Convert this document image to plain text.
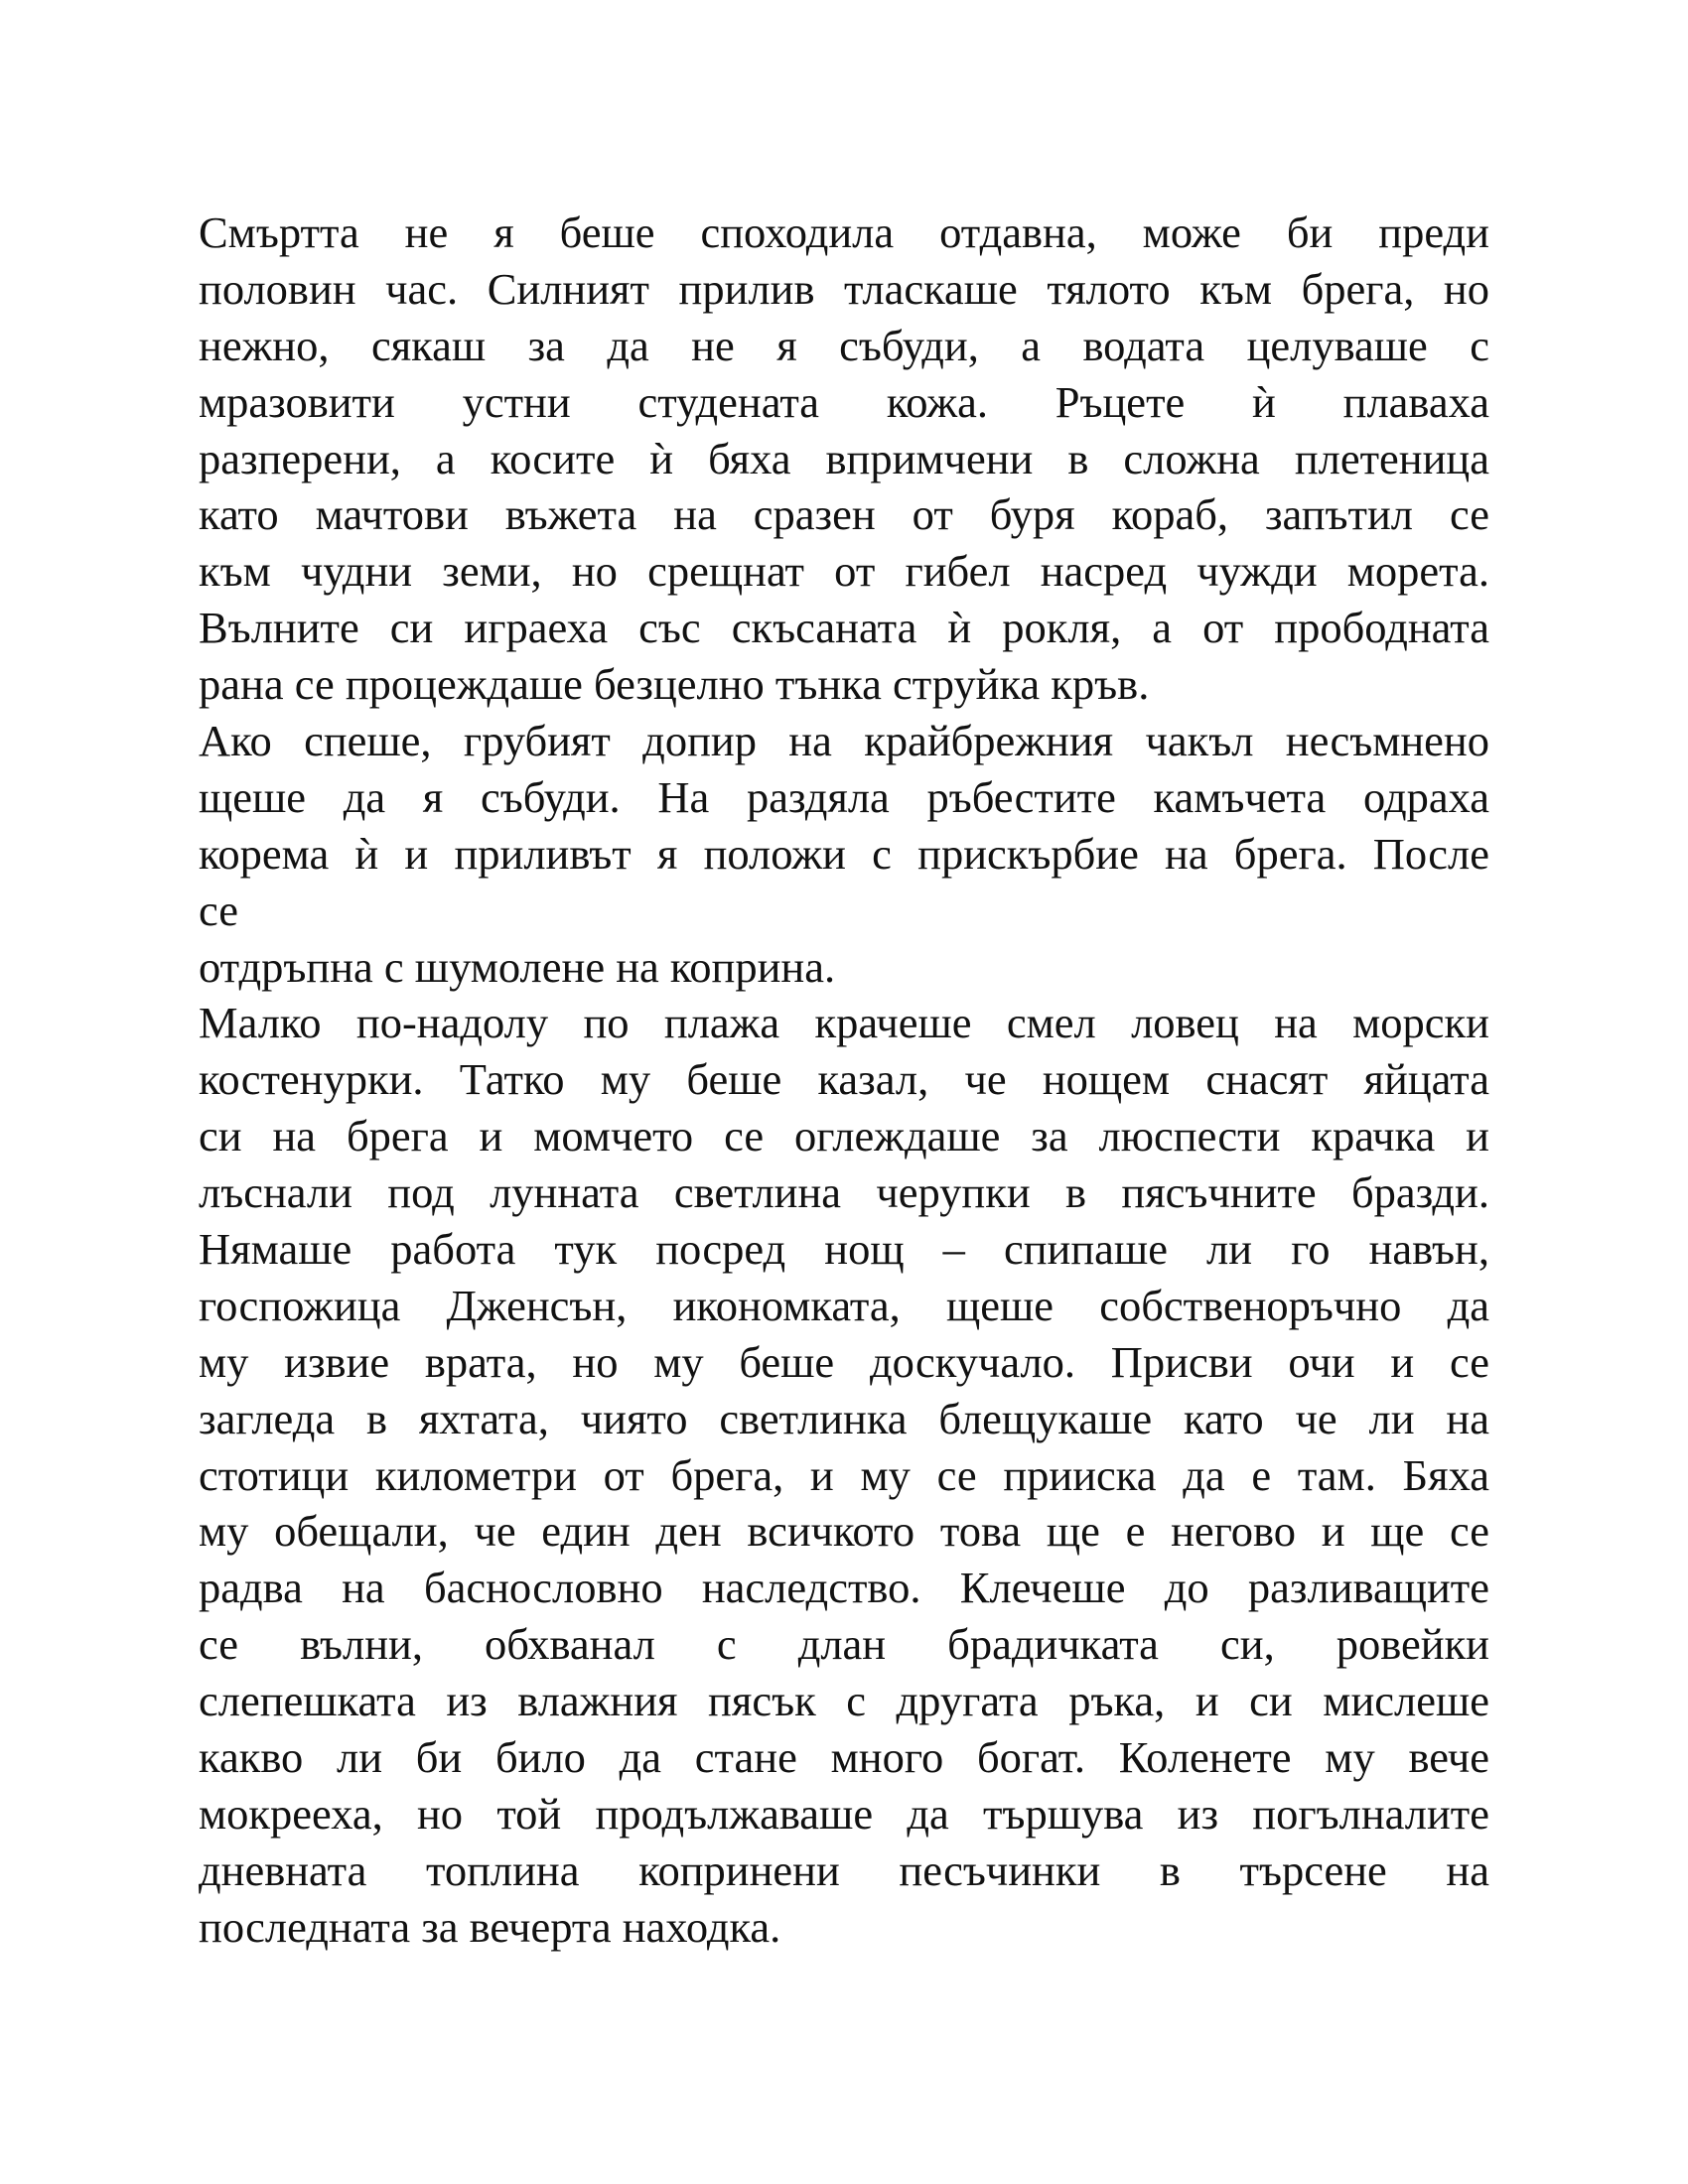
Смъртта не я беше споходила отдавна, може би преди
половин час. Силният прилив тласкаше тялото към брега, но
нежно, сякаш за да не я събуди, а водата целуваше с
мразовити устни студената кожа. Ръцете ѝ плаваха
разперени, а косите ѝ бяха впримчени в сложна плетеница
като мачтови въжета на сразен от буря кораб, запътил се
към чудни земи, но срещнат от гибел насред чужди морета.
Вълните си играеха със скъсаната ѝ рокля, а от прободната
рана се процеждаше безцелно тънка струйка кръв.
Ако спеше, грубият допир на крайбрежния чакъл несъмнено
щеше да я събуди. На раздяла ръбестите камъчета одраха
корема ѝ и приливът я положи с прискърбие на брега. После
се
отдръпна с шумолене на коприна.
Малко по-надолу по плажа крачеше смел ловец на морски
костенурки. Татко му беше казал, че нощем снасят яйцата
си на брега и момчето се оглеждаше за люспести крачка и
лъснали под лунната светлина черупки в пясъчните бразди.
Нямаше работа тук посред нощ – спипаше ли го навън,
госпожица Дженсън, икономката, щеше собственоръчно да
му извие врата, но му беше доскучало. Присви очи и се
загледа в яхтата, чиято светлинка блещукаше като че ли на
стотици километри от брега, и му се прииска да е там. Бяха
му обещали, че един ден всичкото това ще е негово и ще се
радва на баснословно наследство. Клечеше до разливащите
се вълни, обхванал с длан брадичката си, ровейки
слепешката из влажния пясък с другата ръка, и си мислеше
какво ли би било да стане много богат. Коленете му вече
мокрееха, но той продължаваше да тършува из погълналите
дневната топлина копринени песъчинки в търсене на
последната за вечерта находка.
